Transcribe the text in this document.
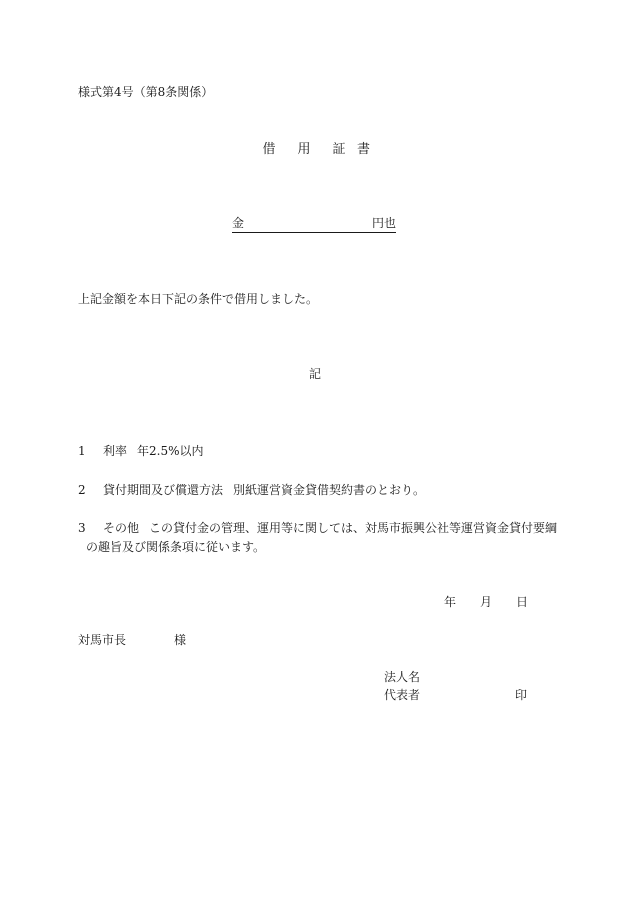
様式第4号（第8条関係）
借	用	証 書
金	円也
上記金額を本日下記の条件で借用しました。
記
1 利率 年2.5%以内
2 貸付期間及び償還方法 別紙運営資金貸借契約書のとおり。
3 その他 この貸付金の管理、運用等に関しては、対馬市振興公社等運営資金貸付要綱
の趣旨及び関係条項に従います。
年 月 日
対馬市長	様
法人名
代表者	印
